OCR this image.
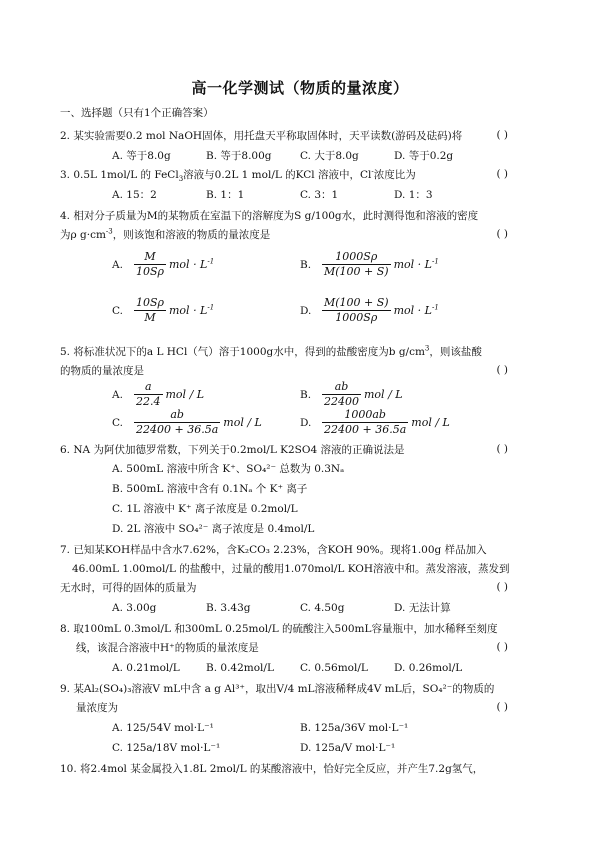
高一化学测试（物质的量浓度）
一、选择题（只有1个正确答案）
2. 某实验需要0.2 mol NaOH固体，用托盘天平称取固体时，天平读数(游码及砝码)将	( )
A. 等于8.0g	B. 等于8.00g	C. 大于8.0g	D. 等于0.2g
3. 0.5L 1mol/L 的 FeCl$_3$溶液与0.2L 1 mol/L 的KCl 溶液中，Cl-浓度比为	( )
A. 15：2	B. 1：1	C. 3：1	D. 1：3
4. 相对分子质量为M的某物质在室温下的溶解度为S g/100g水，此时测得饱和溶液的密度
为ρ $g\cdot cm^{-3}$，则该饱和溶液的物质的量浓度是	( )
A. $\frac{M}{10S\rho}$ mol · $L^{-1}$	B. $\frac{1000S\rho}{M(100 + S)}$ mol · $L^{-1}$
C. $\frac{10S\rho}{M}$ mol · $L^{-1}$	D. $\frac{M(100 + S)}{1000S\rho}$ mol · $L^{-1}$
5. 将标准状况下的a L HCl（气）溶于1000g水中，得到的盐酸密度为b $g/cm^3$，则该盐酸
的物质的量浓度是	( )
A. $\frac{a}{22.4}$ mol / L	B. $\frac{ab}{22400}$ mol / L
C. $\frac{ab}{22400 + 36.5a}$ mol / L	D. $\frac{1000ab}{22400 + 36.5a}$ mol / L
6. NA 为阿伏加德罗常数，下列关于0.2mol/L K2SO4 溶液的正确说法是	( )
A. 500mL 溶液中所含 K⁺、SO₄²⁻ 总数为 0.3Nₐ
B. 500mL 溶液中含有 0.1Nₐ 个 K⁺ 离子
C. 1L 溶液中 K⁺ 离子浓度是 0.2mol/L
D. 2L 溶液中 SO₄²⁻ 离子浓度是 0.4mol/L
7. 已知某KOH样品中含水7.62%，含K₂CO₃ 2.23%，含KOH 90%。现将1.00g 样品加入
46.00mL 1.00mol/L 的盐酸中，过量的酸用1.070mol/L KOH溶液中和。蒸发溶液，蒸发到
无水时，可得的固体的质量为	( )
A. 3.00g	B. 3.43g	C. 4.50g	D. 无法计算
8. 取100mL 0.3mol/L 和300mL 0.25mol/L 的硫酸注入500mL容量瓶中，加水稀释至刻度
线，该混合溶液中H⁺的物质的量浓度是	( )
A. 0.21mol/L B. 0.42mol/L C. 0.56mol/L D. 0.26mol/L
9. 某Al₂(SO₄)₃溶液V mL中含 a g Al³⁺，取出V/4 mL溶液稀释成4V mL后，SO₄²⁻的物质的
量浓度为	( )
A. 125/54V mol·L⁻¹	B. 125a/36V mol·L⁻¹
C. 125a/18V mol·L⁻¹	D. 125a/V mol·L⁻¹
10. 将2.4mol 某金属投入1.8L 2mol/L 的某酸溶液中，恰好完全反应，并产生7.2g氢气，
